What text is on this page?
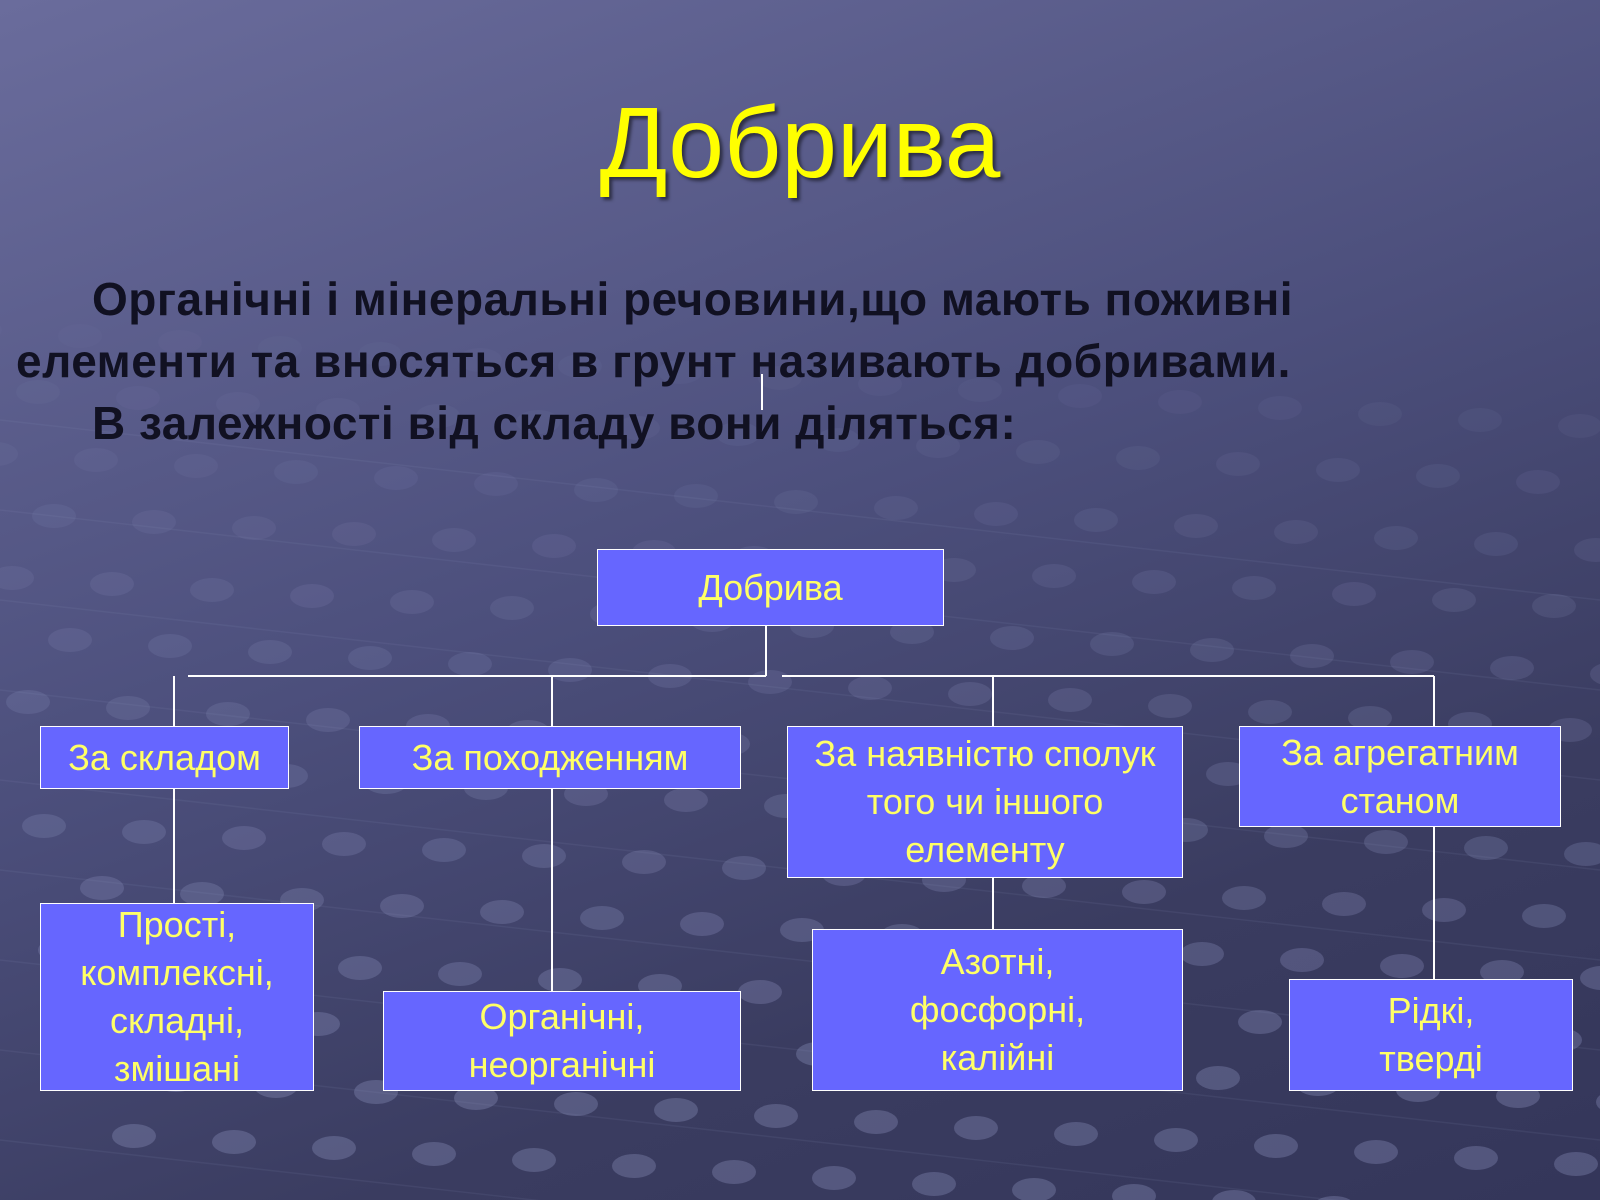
Добрива
Органічні і мінеральні речовини,що мають поживні
елементи та вносяться в грунт називають добривами.
В залежності від складу вони діляться:
Добрива
За складом	За походженням	За наявністю сполук
того чи іншого
елементу
За агрегатним
станом
Прості,
комплексні,
складні,
змішані
Органічні,
неорганічні
Азотні,
фосфорні,
калійні
Рідкі,
тверді
